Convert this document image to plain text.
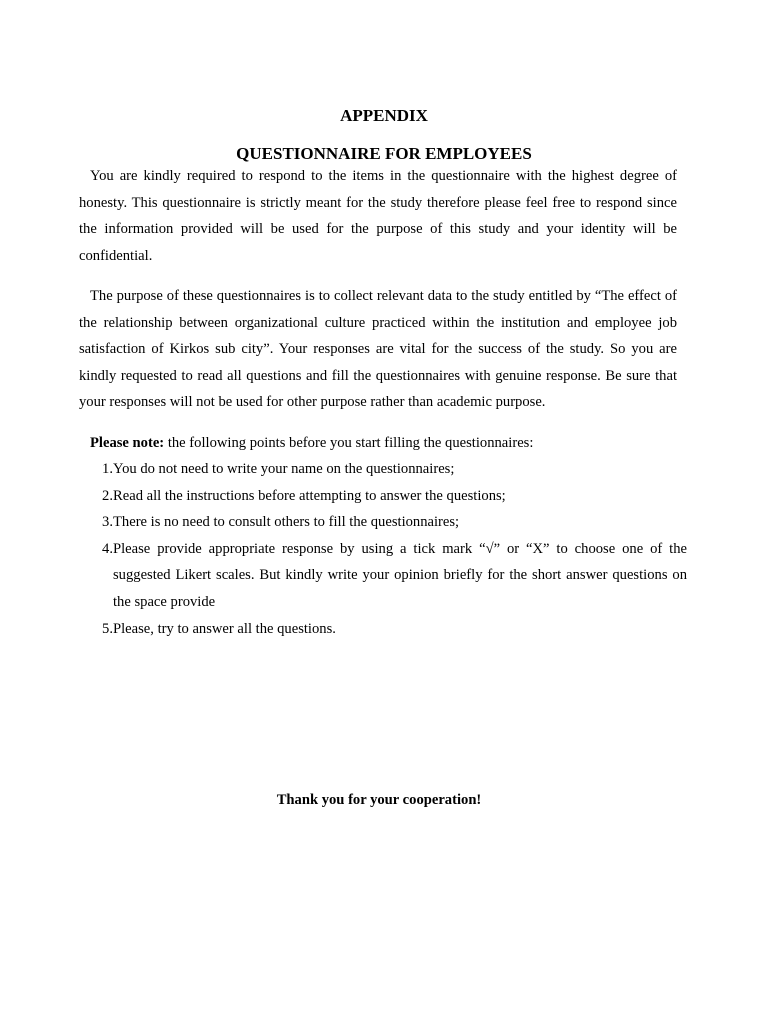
APPENDIX
QUESTIONNAIRE FOR EMPLOYEES

You are kindly required to respond to the items in the questionnaire with the highest degree of honesty. This questionnaire is strictly meant for the study therefore please feel free to respond since the information provided will be used for the purpose of this study and your identity will be confidential.

The purpose of these questionnaires is to collect relevant data to the study entitled by “The effect of the relationship between organizational culture practiced within the institution and employee job satisfaction of Kirkos sub city”. Your responses are vital for the success of the study. So you are kindly requested to read all questions and fill the questionnaires with genuine response. Be sure that your responses will not be used for other purpose rather than academic purpose.

Please note: the following points before you start filling the questionnaires:

1. You do not need to write your name on the questionnaires;
2. Read all the instructions before attempting to answer the questions;
3. There is no need to consult others to fill the questionnaires;
4. Please provide appropriate response by using a tick mark “√” or “X” to choose one of the suggested Likert scales. But kindly write your opinion briefly for the short answer questions on the space provide
5. Please, try to answer all the questions.

Thank you for your cooperation!
